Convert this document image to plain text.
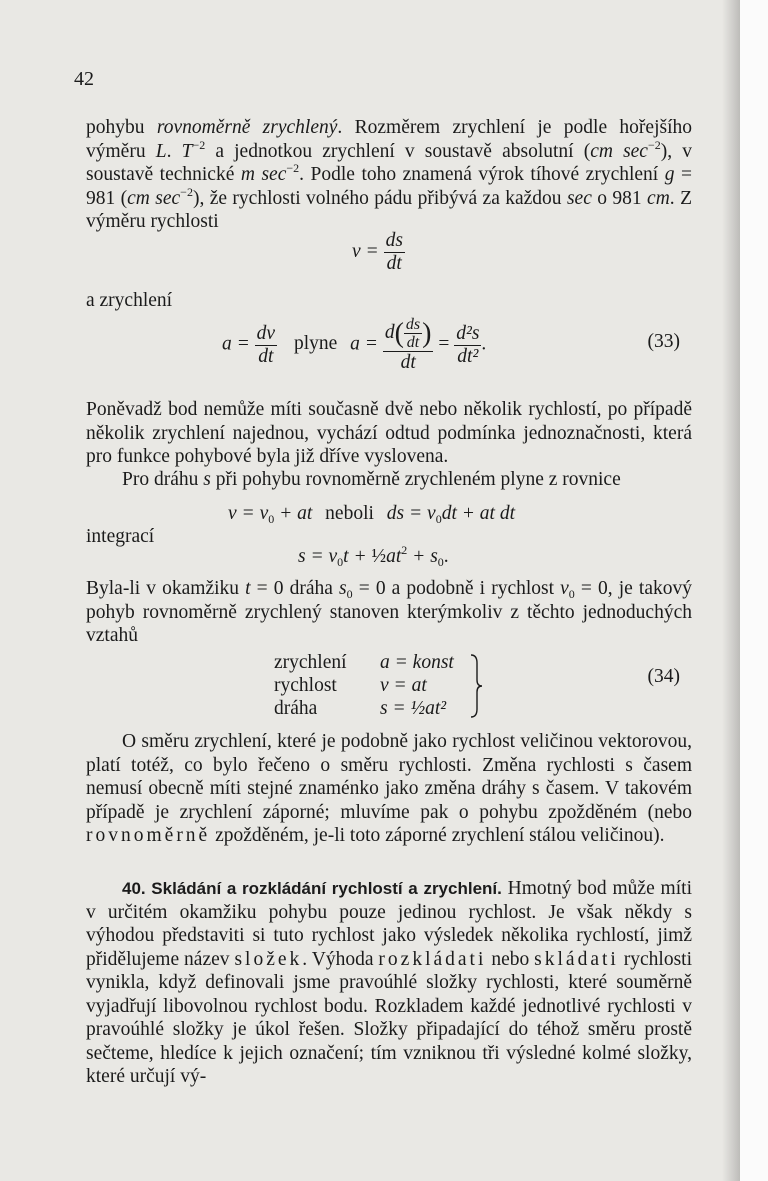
42
pohybu rovnoměrně zrychlený. Rozměrem zrychlení je podle hořejšího výměru L. $T^{-2}$ a jednotkou zrychlení v soustavě absolutní (cm $\sec^{-2}$), v soustavě technické m $\sec^{-2}$. Podle toho znamená výrok tíhové zrychlení g = 981 (cm $\sec^{-2}$), že rychlosti volného pádu přibývá za každou sec o 981 cm. Z výměru rychlosti
$v = \frac{ds}{dt}$
a zrychlení
$a = \frac{dv}{dt}$ plyne $a = \frac{d( \frac{ds}{dt} )}{dt} = \frac{\text{d²s}}{\text{dt²}}$ .	(33)
Poněvadž bod nemůže míti současně dvě nebo několik rychlostí, po případě několik zrychlení najednou, vychází odtud podmínka jednoznačnosti, která pro funkce pohybové byla již dříve vyslovena.
Pro dráhu s při pohybu rovnoměrně zrychleném plyne z rovnice
$v = v_0$ + at neboli ds = $v_0dt$ + at dt
integrací
$s = v_0t$ + $\frac{1}{2}at^2 + s_0$.
Byla-li v okamžiku t = 0 dráha $s_0 = 0$ a podobně i rychlost $v_0 = 0$, je takový pohyb rovnoměrně zrychlený stanoven kterýmkoliv z těchto jednoduchých vztahů
zrychlení	a = konst
rychlost	v = at
dráha	s = ½at²
(34)
O směru zrychlení, které je podobně jako rychlost veličinou vektorovou, platí totéž, co bylo řečeno o směru rychlosti. Změna rychlosti s časem nemusí obecně míti stejné znaménko jako změna dráhy s časem. V takovém případě je zrychlení záporné; mluvíme pak o pohybu zpožděném (nebo rovnoměrně zpožděném, je-li toto záporné zrychlení stálou veličinou).
40. Skládání a rozkládání rychlostí a zrychlení. Hmotný bod může míti v určitém okamžiku pohybu pouze jedinou rychlost. Je však někdy s výhodou představiti si tuto rychlost jako výsledek několika rychlostí, jimž přidělujeme název složek. Výhoda rozkládati nebo skládati rychlosti vynikla, když definovali jsme pravoúhlé složky rychlosti, které souměrně vyjadřují libovolnou rychlost bodu. Rozkladem každé jednotlivé rychlosti v pravoúhlé složky je úkol řešen. Složky připadající do téhož směru prostě sečteme, hledíce k jejich označení; tím vzniknou tři výsledné kolmé složky, které určují vý-
